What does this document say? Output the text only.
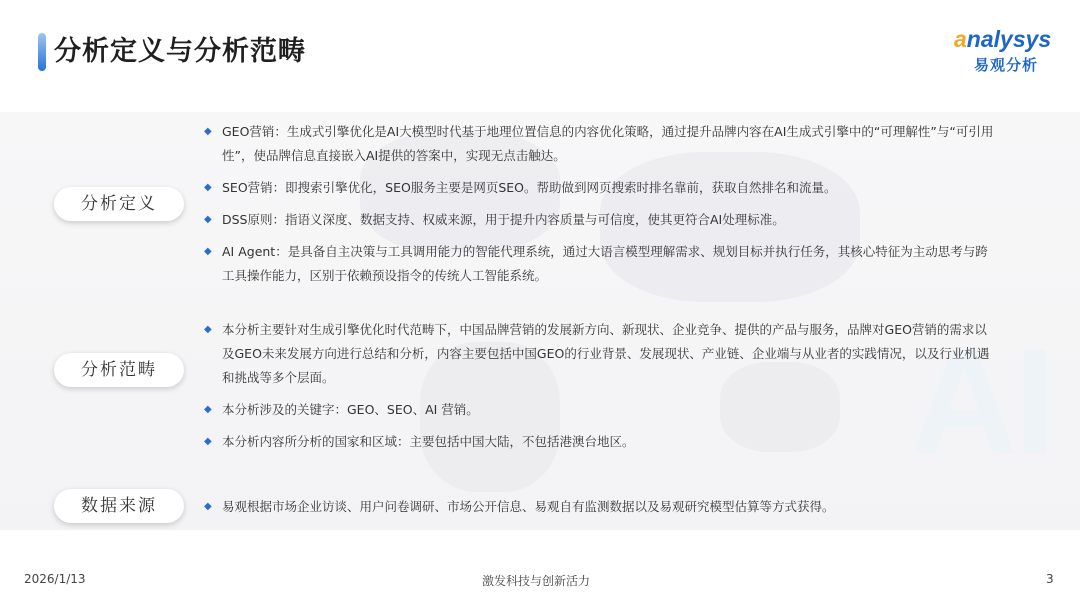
分析定义与分析范畴	analysys
易观分析
AI
分析定义
◆ GEO营销：生成式引擎优化是AI大模型时代基于地理位置信息的内容优化策略，通过提升品牌内容在AI生成式引擎中的“可理解性”与“可引用性”，使品牌信息直接嵌入AI提供的答案中，实现无点击触达。
◆ SEO营销：即搜索引擎优化，SEO服务主要是网页SEO。帮助做到网页搜索时排名靠前，获取自然排名和流量。
◆ DSS原则：指语义深度、数据支持、权威来源，用于提升内容质量与可信度，使其更符合AI处理标准。
◆ AI Agent：是具备自主决策与工具调用能力的智能代理系统，通过大语言模型理解需求、规划目标并执行任务，其核心特征为主动思考与跨工具操作能力，区别于依赖预设指令的传统人工智能系统。
分析范畴
◆ 本分析主要针对生成引擎优化时代范畴下，中国品牌营销的发展新方向、新现状、企业竞争、提供的产品与服务，品牌对GEO营销的需求以及GEO未来发展方向进行总结和分析，内容主要包括中国GEO的行业背景、发展现状、产业链、企业端与从业者的实践情况，以及行业机遇和挑战等多个层面。
◆ 本分析涉及的关键字：GEO、SEO、AI 营销。
◆ 本分析内容所分析的国家和区域：主要包括中国大陆，不包括港澳台地区。
数据来源	◆ 易观根据市场企业访谈、用户问卷调研、市场公开信息、易观自有监测数据以及易观研究模型估算等方式获得。
2026/1/13	激发科技与创新活力	3
